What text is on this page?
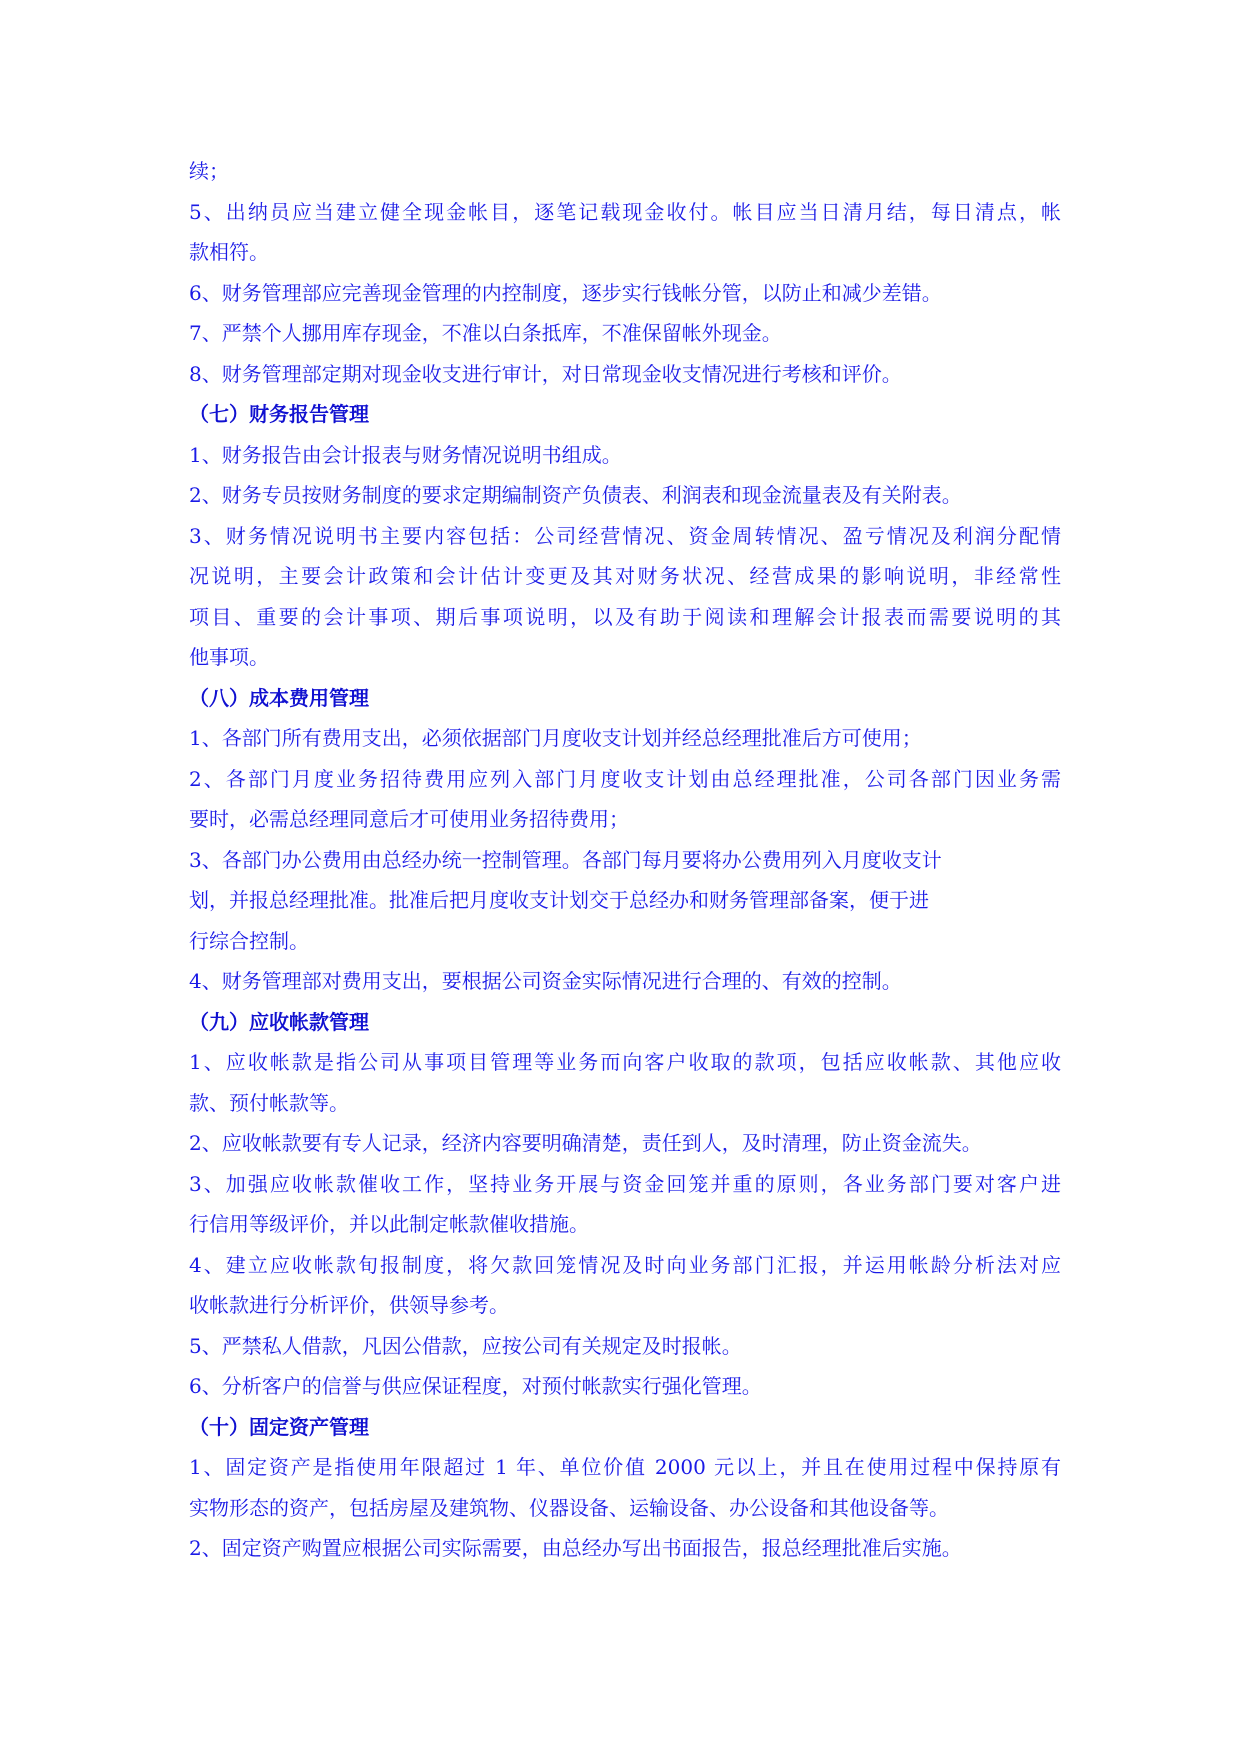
续；
5、出纳员应当建立健全现金帐目，逐笔记载现金收付。帐目应当日清月结，每日清点，帐
款相符。
6、财务管理部应完善现金管理的内控制度，逐步实行钱帐分管，以防止和减少差错。
7、严禁个人挪用库存现金，不准以白条抵库，不准保留帐外现金。
8、财务管理部定期对现金收支进行审计，对日常现金收支情况进行考核和评价。
（七）财务报告管理
1、财务报告由会计报表与财务情况说明书组成。
2、财务专员按财务制度的要求定期编制资产负债表、利润表和现金流量表及有关附表。
3、财务情况说明书主要内容包括：公司经营情况、资金周转情况、盈亏情况及利润分配情
况说明，主要会计政策和会计估计变更及其对财务状况、经营成果的影响说明，非经常性
项目、重要的会计事项、期后事项说明，以及有助于阅读和理解会计报表而需要说明的其
他事项。
（八）成本费用管理
1、各部门所有费用支出，必须依据部门月度收支计划并经总经理批准后方可使用；
2、各部门月度业务招待费用应列入部门月度收支计划由总经理批准，公司各部门因业务需
要时，必需总经理同意后才可使用业务招待费用；
3、各部门办公费用由总经办统一控制管理。各部门每月要将办公费用列入月度收支计
划，并报总经理批准。批准后把月度收支计划交于总经办和财务管理部备案，便于进
行综合控制。
4、财务管理部对费用支出，要根据公司资金实际情况进行合理的、有效的控制。
（九）应收帐款管理
1、应收帐款是指公司从事项目管理等业务而向客户收取的款项，包括应收帐款、其他应收
款、预付帐款等。
2、应收帐款要有专人记录，经济内容要明确清楚，责任到人，及时清理，防止资金流失。
3、加强应收帐款催收工作，坚持业务开展与资金回笼并重的原则，各业务部门要对客户进
行信用等级评价，并以此制定帐款催收措施。
4、建立应收帐款旬报制度，将欠款回笼情况及时向业务部门汇报，并运用帐龄分析法对应
收帐款进行分析评价，供领导参考。
5、严禁私人借款，凡因公借款，应按公司有关规定及时报帐。
6、分析客户的信誉与供应保证程度，对预付帐款实行强化管理。
（十）固定资产管理
1、固定资产是指使用年限超过 1 年、单位价值 2000 元以上，并且在使用过程中保持原有
实物形态的资产，包括房屋及建筑物、仪器设备、运输设备、办公设备和其他设备等。
2、固定资产购置应根据公司实际需要，由总经办写出书面报告，报总经理批准后实施。
